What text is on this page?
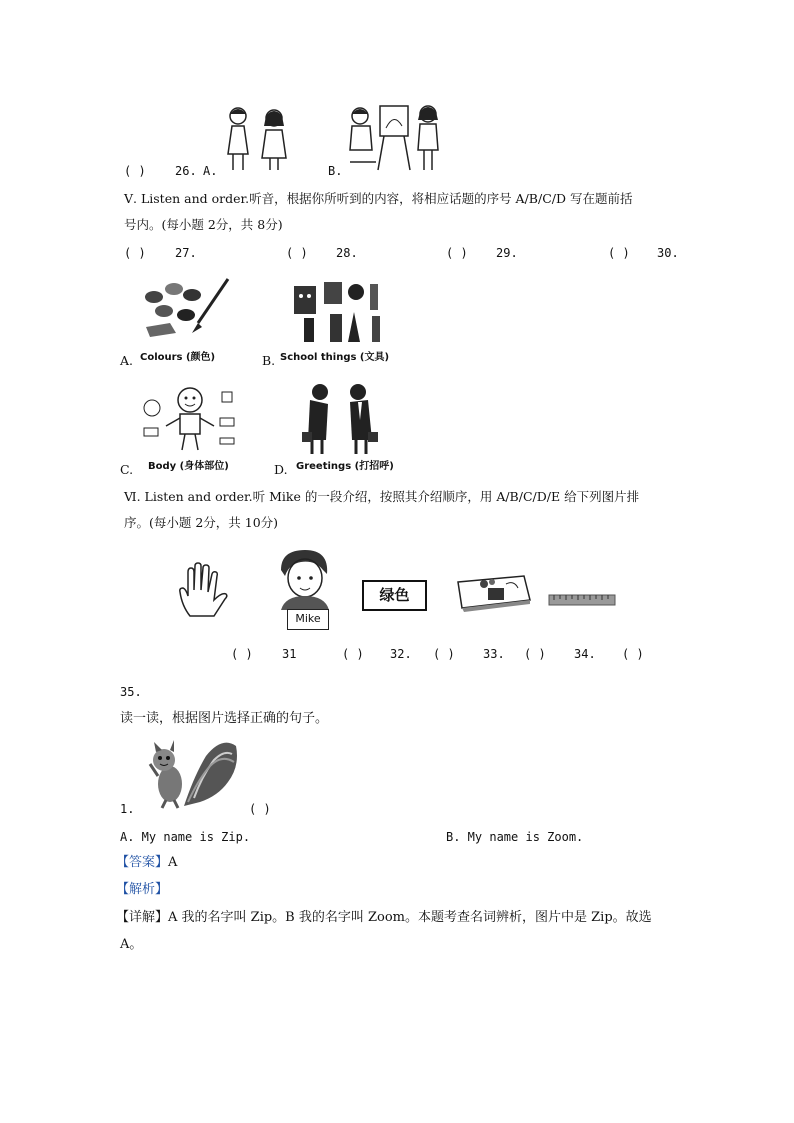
( ) 26. A.	B.
Ⅴ. Listen and order.听音，根据你所听到的内容，将相应话题的序号 A/B/C/D 写在题前括
号内。(每小题 2分，共 8分)
( ) 27.	( ) 28.	( ) 29.	( ) 30.
A. Colours (颜色)	B. School things (文具)
C. Body (身体部位)	D. Greetings (打招呼)
Ⅵ. Listen and order.听 Mike 的一段介绍，按照其介绍顺序，用 A/B/C/D/E 给下列图片排
序。(每小题 2分，共 10分)
Mike
绿色
( ) 31	( ) 32. ( ) 33. ( ) 34. ( )
35.
读一读，根据图片选择正确的句子。
1.	( )
A. My name is Zip.	B. My name is Zoom.
【答案】A
【解析】
【详解】A 我的名字叫 Zip。B 我的名字叫 Zoom。本题考查名词辨析，图片中是 Zip。故选
A。
